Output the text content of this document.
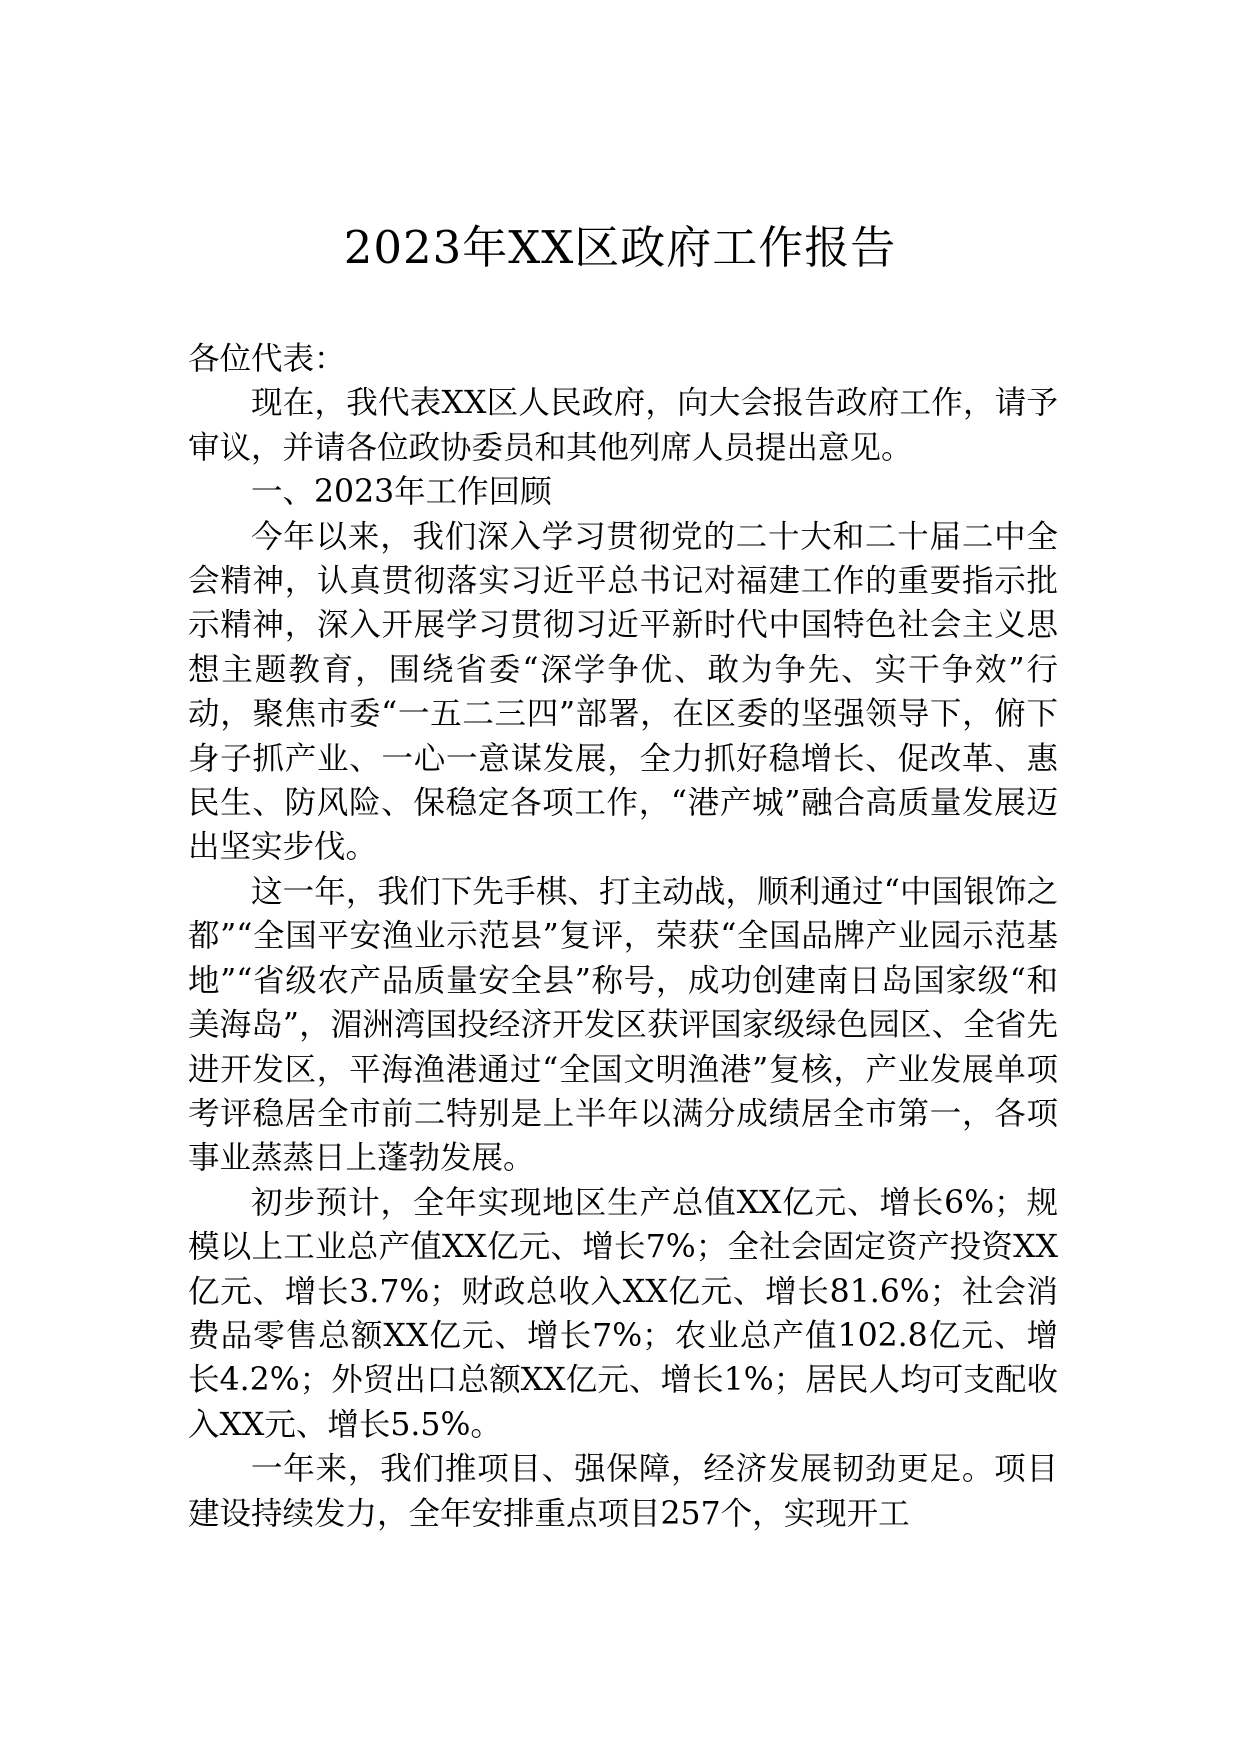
2023年XX区政府工作报告

各位代表：

现在，我代表XX区人民政府，向大会报告政府工作，请予审议，并请各位政协委员和其他列席人员提出意见。

一、2023年工作回顾

今年以来，我们深入学习贯彻党的二十大和二十届二中全会精神，认真贯彻落实习近平总书记对福建工作的重要指示批示精神，深入开展学习贯彻习近平新时代中国特色社会主义思想主题教育，围绕省委“深学争优、敢为争先、实干争效”行动，聚焦市委“一五二三四”部署，在区委的坚强领导下，俯下身子抓产业、一心一意谋发展，全力抓好稳增长、促改革、惠民生、防风险、保稳定各项工作，“港产城”融合高质量发展迈出坚实步伐。

这一年，我们下先手棋、打主动战，顺利通过“中国银饰之都”“全国平安渔业示范县”复评，荣获“全国品牌产业园示范基地”“省级农产品质量安全县”称号，成功创建南日岛国家级“和美海岛”，湄洲湾国投经济开发区获评国家级绿色园区、全省先进开发区，平海渔港通过“全国文明渔港”复核，产业发展单项考评稳居全市前二特别是上半年以满分成绩居全市第一，各项事业蒸蒸日上蓬勃发展。

初步预计，全年实现地区生产总值XX亿元、增长6%；规模以上工业总产值XX亿元、增长7%；全社会固定资产投资XX亿元、增长3.7%；财政总收入XX亿元、增长81.6%；社会消费品零售总额XX亿元、增长7%；农业总产值102.8亿元、增长4.2%；外贸出口总额XX亿元、增长1%；居民人均可支配收入XX元、增长5.5%。

一年来，我们推项目、强保障，经济发展韧劲更足。项目建设持续发力，全年安排重点项目257个，实现开工
